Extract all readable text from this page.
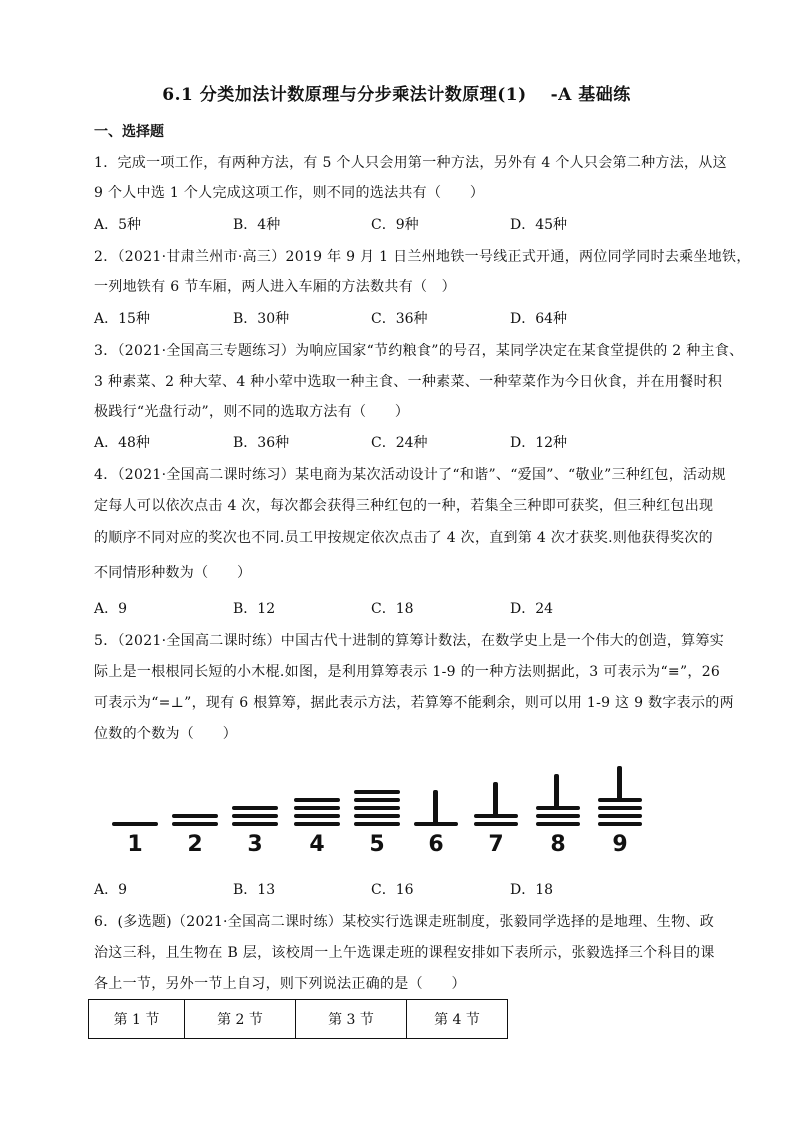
6.1 分类加法计数原理与分步乘法计数原理(1)　 -A 基础练
一、选择题
1．完成一项工作，有两种方法，有 5 个人只会用第一种方法，另外有 4 个人只会第二种方法，从这
9 个人中选 1 个人完成这项工作，则不同的选法共有（　　）
A．5种	B．4种	C．9种	D．45种
2．（2021·甘肃兰州市·高三）2019 年 9 月 1 日兰州地铁一号线正式开通，两位同学同时去乘坐地铁，
一列地铁有 6 节车厢，两人进入车厢的方法数共有（　）
A．15种	B．30种	C．36种	D．64种
3．（2021·全国高三专题练习）为响应国家“节约粮食”的号召，某同学决定在某食堂提供的 2 种主食、
3 种素菜、2 种大荤、4 种小荤中选取一种主食、一种素菜、一种荤菜作为今日伙食，并在用餐时积
极践行“光盘行动”，则不同的选取方法有（　　）
A．48种	B．36种	C．24种	D．12种
4．（2021·全国高二课时练习）某电商为某次活动设计了“和谐”、“爱国”、“敬业”三种红包，活动规
定每人可以依次点击 4 次，每次都会获得三种红包的一种，若集全三种即可获奖，但三种红包出现
的顺序不同对应的奖次也不同.员工甲按规定依次点击了 4 次，直到第 4 次才获奖.则他获得奖次的
不同情形种数为（　　）
A．9	B．12	C．18	D．24
5．（2021·全国高二课时练）中国古代十进制的算筹计数法，在数学史上是一个伟大的创造，算筹实
际上是一根根同长短的小木棍.如图，是利用算筹表示 1-9 的一种方法则据此，3 可表示为“≡”，26
可表示为“=⊥”，现有 6 根算筹，据此表示方法，若算筹不能剩余，则可以用 1-9 这 9 数字表示的两
位数的个数为（　　）
1	2	3	4	5	6	7	8	9
A．9	B．13	C．16	D．18
6．(多选题)（2021·全国高二课时练）某校实行选课走班制度，张毅同学选择的是地理、生物、政
治这三科，且生物在 B 层，该校周一上午选课走班的课程安排如下表所示，张毅选择三个科目的课
各上一节，另外一节上自习，则下列说法正确的是（　　）
第 1 节	第 2 节	第 3 节	第 4 节
